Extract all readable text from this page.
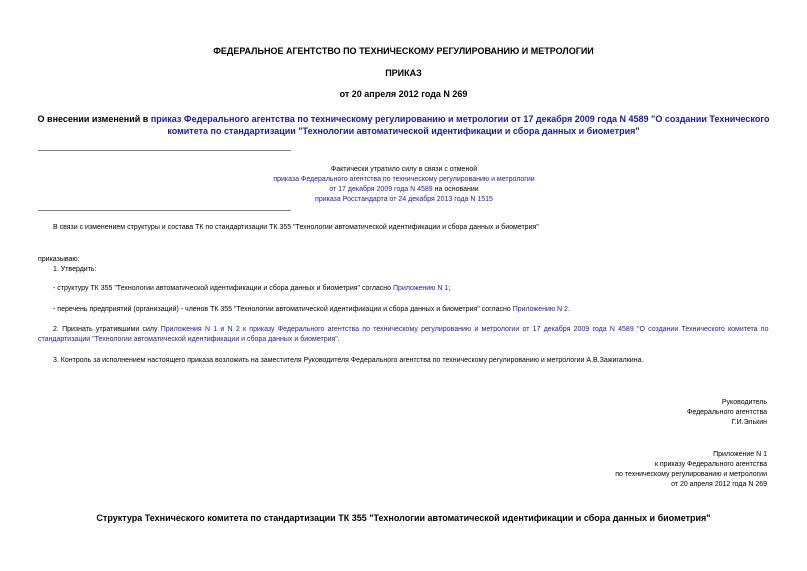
ФЕДЕРАЛЬНОЕ АГЕНТСТВО ПО ТЕХНИЧЕСКОМУ РЕГУЛИРОВАНИЮ И МЕТРОЛОГИИ
ПРИКАЗ
от 20 апреля 2012 года N 269
О внесении изменений в приказ Федерального агентства по техническому регулированию и метрологии от 17 декабря 2009 года N 4589 "О создании Технического
комитета по стандартизации "Технологии автоматической идентификации и сбора данных и биометрия"
Фактически утратило силу в связи с отменой
приказа Федерального агентства по техническому регулированию и метрологии
от 17 декабря 2009 года N 4589 на основании
приказа Росстандарта от 24 декабря 2013 года N 1515
В связи с изменением структуры и состава ТК по стандартизации ТК 355 "Технологии автоматической идентификации и сбора данных и биометрия"
приказываю:
1. Утвердить:
- структуру ТК 355 "Технологии автоматической идентификации и сбора данных и биометрия" согласно Приложению N 1;
- перечень предприятий (организаций) - членов ТК 355 "Технологии автоматической идентификации и сбора данных и биометрия" согласно Приложению N 2.
2. Признать утратившими силу Приложения N 1 и N 2 к приказу Федерального агентства по техническому регулированию и метрологии от 17 декабря 2009 года N 4589 "О создании Технического комитета по
стандартизации "Технологии автоматической идентификации и сбора данных и биометрия".
3. Контроль за исполнением настоящего приказа возложить на заместителя Руководителя Федерального агентства по техническому регулированию и метрологии А.В.Зажигалкина.
Руководитель
Федерального агентства
Г.И.Элькин
Приложение N 1
к приказу Федерального агентства
по техническому регулированию и метрологии
от 20 апреля 2012 года N 269
Структура Технического комитета по стандартизации ТК 355 "Технологии автоматической идентификации и сбора данных и биометрия"
